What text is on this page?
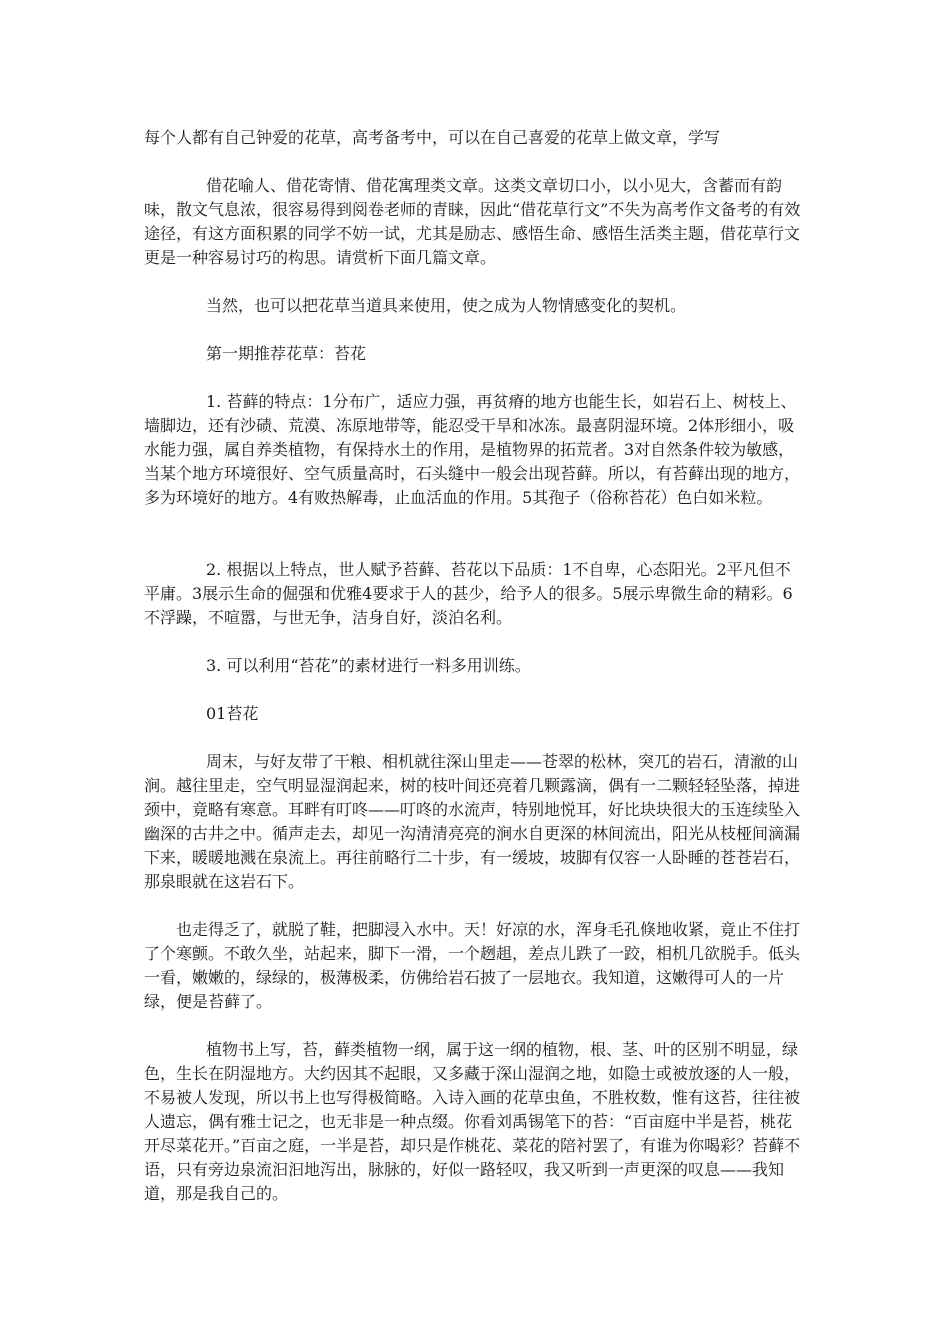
每个人都有自己钟爱的花草，高考备考中，可以在自己喜爱的花草上做文章，学写

借花喻人、借花寄情、借花寓理类文章。这类文章切口小，以小见大，含蓄而有韵味，散文气息浓，很容易得到阅卷老师的青睐，因此“借花草行文”不失为高考作文备考的有效途径，有这方面积累的同学不妨一试，尤其是励志、感悟生命、感悟生活类主题，借花草行文更是一种容易讨巧的构思。请赏析下面几篇文章。

当然，也可以把花草当道具来使用，使之成为人物情感变化的契机。

第一期推荐花草：苔花

1. 苔藓的特点：1分布广，适应力强，再贫瘠的地方也能生长，如岩石上、树枝上、墙脚边，还有沙碛、荒漠、冻原地带等，能忍受干旱和冰冻。最喜阴湿环境。2体形细小，吸水能力强，属自养类植物，有保持水土的作用，是植物界的拓荒者。3对自然条件较为敏感，当某个地方环境很好、空气质量高时，石头缝中一般会出现苔藓。所以，有苔藓出现的地方，多为环境好的地方。4有败热解毒，止血活血的作用。5其孢子（俗称苔花）色白如米粒。

2. 根据以上特点，世人赋予苔藓、苔花以下品质：1不自卑，心态阳光。2平凡但不平庸。3展示生命的倔强和优雅4要求于人的甚少，给予人的很多。5展示卑微生命的精彩。6不浮躁，不喧嚣，与世无争，洁身自好，淡泊名利。

3. 可以利用“苔花”的素材进行一料多用训练。

01苔花

周末，与好友带了干粮、相机就往深山里走——苍翠的松林，突兀的岩石，清澈的山涧。越往里走，空气明显湿润起来，树的枝叶间还亮着几颗露滴，偶有一二颗轻轻坠落，掉进颈中，竟略有寒意。耳畔有叮咚——叮咚的水流声，特别地悦耳，好比块块很大的玉连续坠入幽深的古井之中。循声走去，却见一沟清清亮亮的涧水自更深的林间流出，阳光从枝桠间滴漏下来，暖暖地溅在泉流上。再往前略行二十步，有一缓坡，坡脚有仅容一人卧睡的苍苍岩石，那泉眼就在这岩石下。

也走得乏了，就脱了鞋，把脚浸入水中。天！好凉的水，浑身毛孔倏地收紧，竟止不住打了个寒颤。不敢久坐，站起来，脚下一滑，一个趔趄，差点儿跌了一跤，相机几欲脱手。低头一看，嫩嫩的，绿绿的，极薄极柔，仿佛给岩石披了一层地衣。我知道，这嫩得可人的一片绿，便是苔藓了。

植物书上写，苔，藓类植物一纲，属于这一纲的植物，根、茎、叶的区别不明显，绿色，生长在阴湿地方。大约因其不起眼，又多藏于深山湿润之地，如隐士或被放逐的人一般，不易被人发现，所以书上也写得极简略。入诗入画的花草虫鱼，不胜枚数，惟有这苔，往往被人遗忘，偶有雅士记之，也无非是一种点缀。你看刘禹锡笔下的苔：“百亩庭中半是苔，桃花开尽菜花开。”百亩之庭，一半是苔，却只是作桃花、菜花的陪衬罢了，有谁为你喝彩？苔藓不语，只有旁边泉流汩汩地泻出，脉脉的，好似一路轻叹，我又听到一声更深的叹息——我知道，那是我自己的。
